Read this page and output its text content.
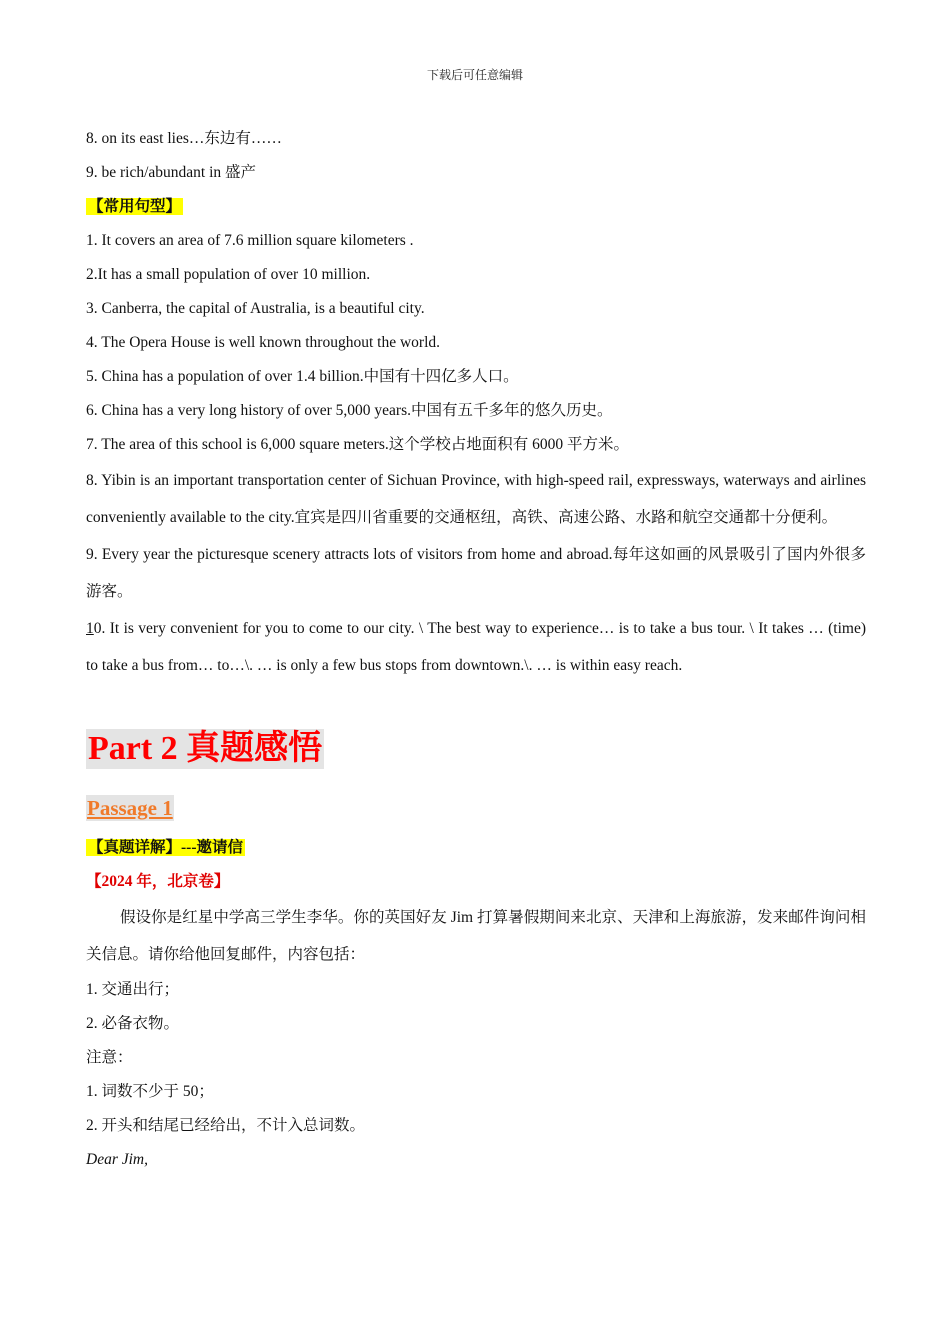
下载后可任意编辑

8. on its east lies…东边有……

9. be rich/abundant in 盛产

【常用句型】

1. It covers an area of 7.6 million square kilometers .

2.It has a small population of over 10 million.

3. Canberra, the capital of Australia, is a beautiful city.

4. The Opera House is well known throughout the world.

5. China has a population of over 1.4 billion.中国有十四亿多人口。

6. China has a very long history of over 5,000 years.中国有五千多年的悠久历史。

7. The area of this school is 6,000 square meters.这个学校占地面积有 6000 平方米。

8. Yibin is an important transportation center of Sichuan Province, with high-speed rail, expressways, waterways and airlines conveniently available to the city.宜宾是四川省重要的交通枢纽，高铁、高速公路、水路和航空交通都十分便利。

9. Every year the picturesque scenery attracts lots of visitors from home and abroad.每年这如画的风景吸引了国内外很多游客。

10. It is very convenient for you to come to our city. \ The best way to experience… is to take a bus tour. \ It takes … (time) to take a bus from… to…\. … is only a few bus stops from downtown.\. … is within easy reach.

Part 2 真题感悟
Passage 1

【真题详解】---邀请信

【2024 年，北京卷】

假设你是红星中学高三学生李华。你的英国好友 Jim 打算暑假期间来北京、天津和上海旅游，发来邮件询问相关信息。请你给他回复邮件，内容包括：

1. 交通出行；

2. 必备衣物。

注意：

1. 词数不少于 50；

2. 开头和结尾已经给出，不计入总词数。

Dear Jim,
